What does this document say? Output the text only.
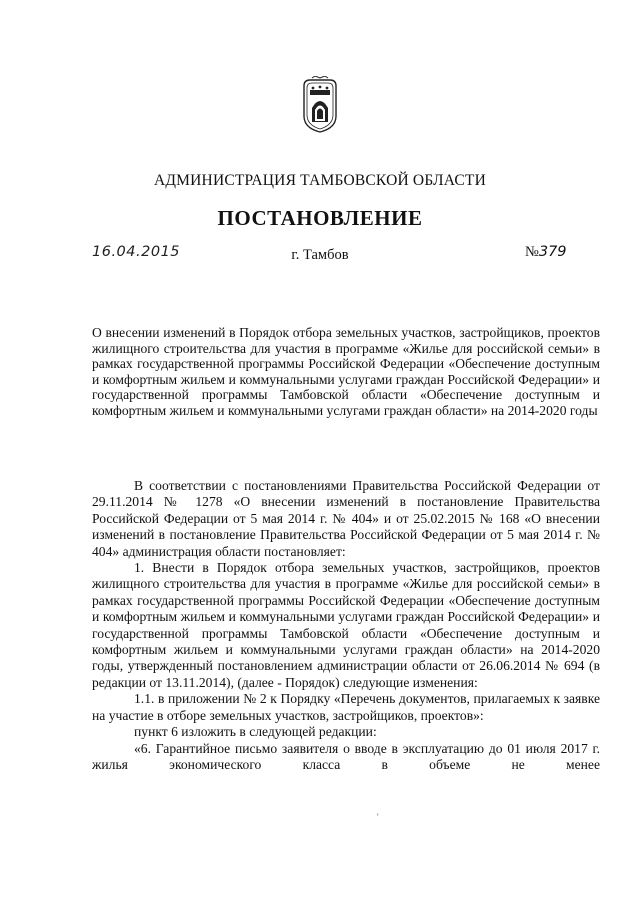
АДМИНИСТРАЦИЯ ТАМБОВСКОЙ ОБЛАСТИ
ПОСТАНОВЛЕНИЕ
16.04.2015	г. Тамбов	№379
О внесении изменений в Порядок отбора земельных участков, застройщиков, проектов жилищного строительства для участия в программе «Жилье для российской семьи» в рамках государственной программы Российской Федерации «Обеспечение доступным и комфортным жильем и коммунальными услугами граждан Российской Федерации» и государственной программы Тамбовской области «Обеспечение доступным и комфортным жильем и коммунальными услугами граждан области» на 2014-2020 годы

В соответствии с постановлениями Правительства Российской Федерации от 29.11.2014 № 1278 «О внесении изменений в постановление Правительства Российской Федерации от 5 мая 2014 г. № 404» и от 25.02.2015 № 168 «О внесении изменений в постановление Правительства Российской Федерации от 5 мая 2014 г. № 404» администрация области постановляет:

1. Внести в Порядок отбора земельных участков, застройщиков, проектов жилищного строительства для участия в программе «Жилье для российской семьи» в рамках государственной программы Российской Федерации «Обеспечение доступным и комфортным жильем и коммунальными услугами граждан Российской Федерации» и государственной программы Тамбовской области «Обеспечение доступным и комфортным жильем и коммунальными услугами граждан области» на 2014-2020 годы, утвержденный постановлением администрации области от 26.06.2014 № 694 (в редакции от 13.11.2014), (далее - Порядок) следующие изменения:

1.1. в приложении № 2 к Порядку «Перечень документов, прилагаемых к заявке на участие в отборе земельных участков, застройщиков, проектов»:

пункт 6 изложить в следующей редакции:

«6. Гарантийное письмо заявителя о вводе в эксплуатацию до 01 июля 2017 г. жилья экономического класса в объеме не менее

'
